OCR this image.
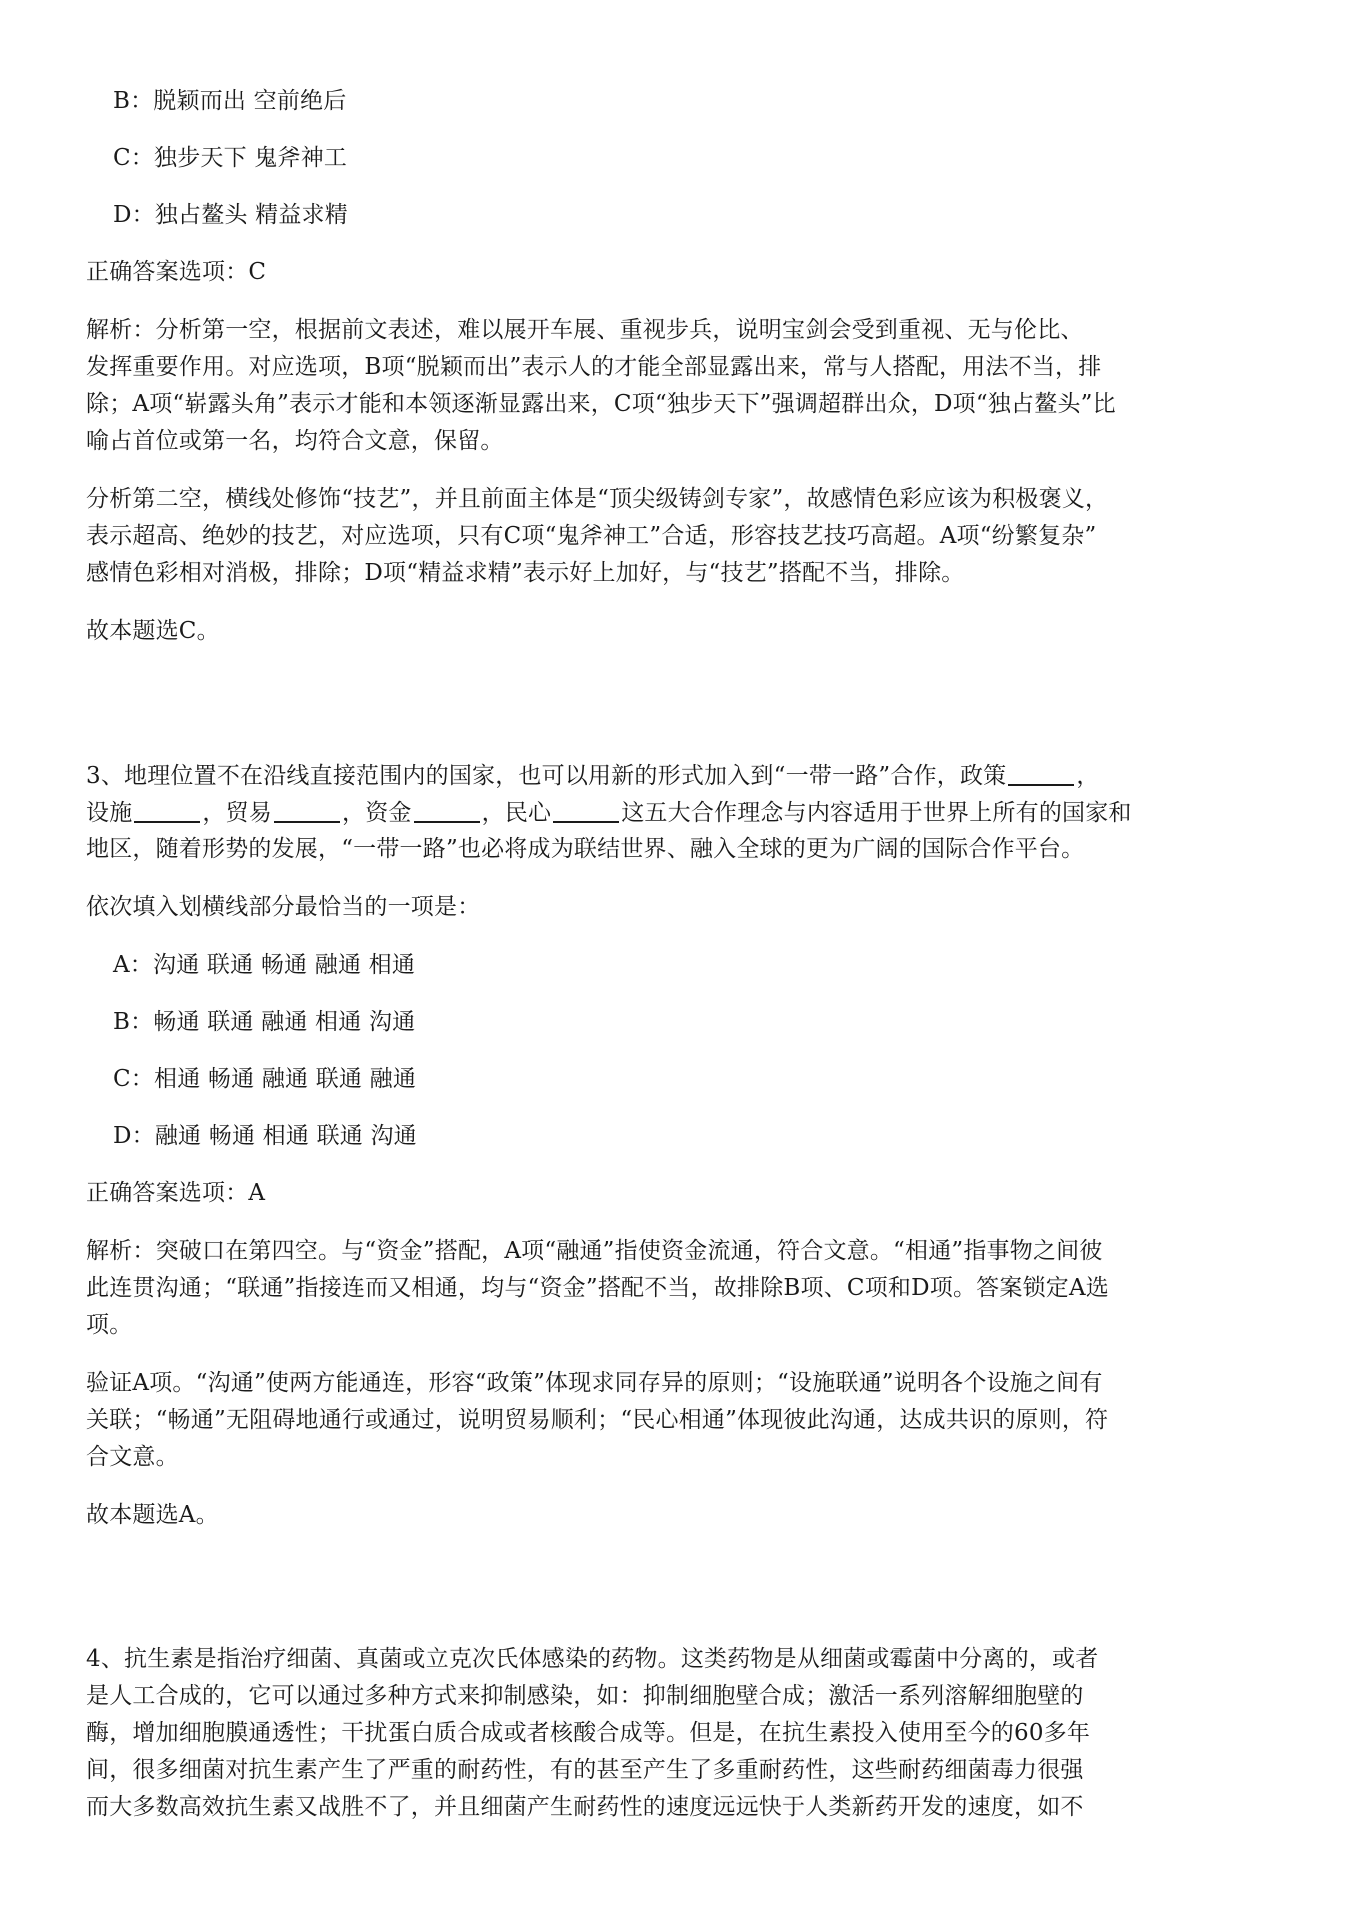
B：脱颖而出 空前绝后
C：独步天下 鬼斧神工
D：独占鳌头 精益求精
正确答案选项：C
解析：分析第一空，根据前文表述，难以展开车展、重视步兵，说明宝剑会受到重视、无与伦比、
发挥重要作用。对应选项，B项“脱颖而出”表示人的才能全部显露出来，常与人搭配，用法不当，排
除；A项“崭露头角”表示才能和本领逐渐显露出来，C项“独步天下”强调超群出众，D项“独占鳌头”比
喻占首位或第一名，均符合文意，保留。
分析第二空，横线处修饰“技艺”，并且前面主体是“顶尖级铸剑专家”，故感情色彩应该为积极褒义，
表示超高、绝妙的技艺，对应选项，只有C项“鬼斧神工”合适，形容技艺技巧高超。A项“纷繁复杂”
感情色彩相对消极，排除；D项“精益求精”表示好上加好，与“技艺”搭配不当，排除。
故本题选C。
3、地理位置不在沿线直接范围内的国家，也可以用新的形式加入到“一带一路”合作，政策	，
设施	，贸易	，资金	，民心	这五大合作理念与内容适用于世界上所有的国家和
地区，随着形势的发展，“一带一路”也必将成为联结世界、融入全球的更为广阔的国际合作平台。
依次填入划横线部分最恰当的一项是：
A：沟通 联通 畅通 融通 相通
B：畅通 联通 融通 相通 沟通
C：相通 畅通 融通 联通 融通
D：融通 畅通 相通 联通 沟通
正确答案选项：A
解析：突破口在第四空。与“资金”搭配，A项“融通”指使资金流通，符合文意。“相通”指事物之间彼
此连贯沟通；“联通”指接连而又相通，均与“资金”搭配不当，故排除B项、C项和D项。答案锁定A选
项。
验证A项。“沟通”使两方能通连，形容“政策”体现求同存异的原则；“设施联通”说明各个设施之间有
关联；“畅通”无阻碍地通行或通过，说明贸易顺利；“民心相通”体现彼此沟通，达成共识的原则，符
合文意。
故本题选A。
4、抗生素是指治疗细菌、真菌或立克次氏体感染的药物。这类药物是从细菌或霉菌中分离的，或者
是人工合成的，它可以通过多种方式来抑制感染，如：抑制细胞壁合成；激活一系列溶解细胞壁的
酶，增加细胞膜通透性；干扰蛋白质合成或者核酸合成等。但是，在抗生素投入使用至今的60多年
间，很多细菌对抗生素产生了严重的耐药性，有的甚至产生了多重耐药性，这些耐药细菌毒力很强
而大多数高效抗生素又战胜不了，并且细菌产生耐药性的速度远远快于人类新药开发的速度，如不
